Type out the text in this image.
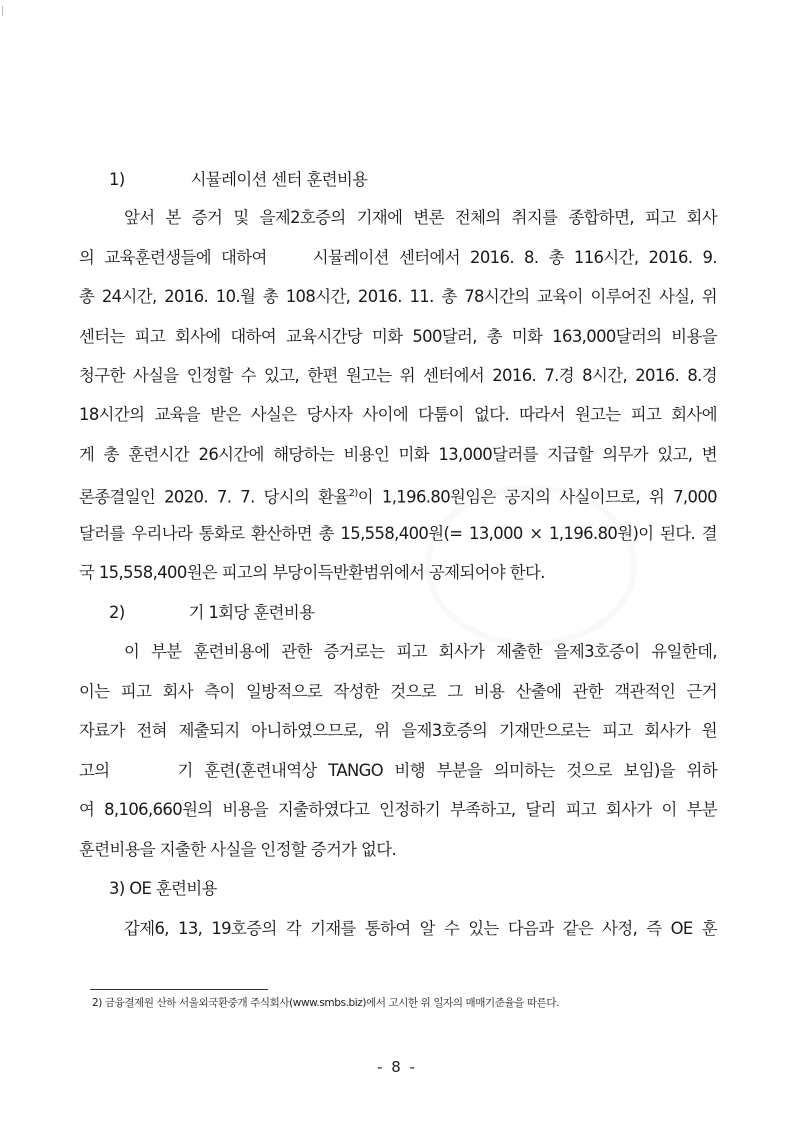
1)	시뮬레이션 센터 훈련비용
앞서 본 증거 및 을제2호증의 기재에 변론 전체의 취지를 종합하면, 피고 회사
의 교육훈련생들에 대하여	시뮬레이션 센터에서 2016. 8. 총 116시간, 2016. 9.
총 24시간, 2016. 10.월 총 108시간, 2016. 11. 총 78시간의 교육이 이루어진 사실, 위
센터는 피고 회사에 대하여 교육시간당 미화 500달러, 총 미화 163,000달러의 비용을
청구한 사실을 인정할 수 있고, 한편 원고는 위 센터에서 2016. 7.경 8시간, 2016. 8.경
18시간의 교육을 받은 사실은 당사자 사이에 다툼이 없다. 따라서 원고는 피고 회사에
게 총 훈련시간 26시간에 해당하는 비용인 미화 13,000달러를 지급할 의무가 있고, 변
론종결일인 2020. 7. 7. 당시의 환율$^{2)}$이 1,196.80원임은 공지의 사실이므로, 위 7,000
달러를 우리나라 통화로 환산하면 총 15,558,400원(= 13,000 × 1,196.80원)이 된다. 결
국 15,558,400원은 피고의 부당이득반환범위에서 공제되어야 한다.
2)	기 1회당 훈련비용
이 부분 훈련비용에 관한 증거로는 피고 회사가 제출한 을제3호증이 유일한데,
이는 피고 회사 측이 일방적으로 작성한 것으로 그 비용 산출에 관한 객관적인 근거
자료가 전혀 제출되지 아니하였으므로, 위 을제3호증의 기재만으로는 피고 회사가 원
고의	기 훈련(훈련내역상 TANGO 비행 부분을 의미하는 것으로 보임)을 위하
여 8,106,660원의 비용을 지출하였다고 인정하기 부족하고, 달리 피고 회사가 이 부분
훈련비용을 지출한 사실을 인정할 증거가 없다.
3) OE 훈련비용
갑제6, 13, 19호증의 각 기재를 통하여 알 수 있는 다음과 같은 사정, 즉 OE 훈
2) 금융결제원 산하 서울외국환중개 주식회사(www.smbs.biz)에서 고시한 위 일자의 매매기준율을 따른다.
- 8 -
